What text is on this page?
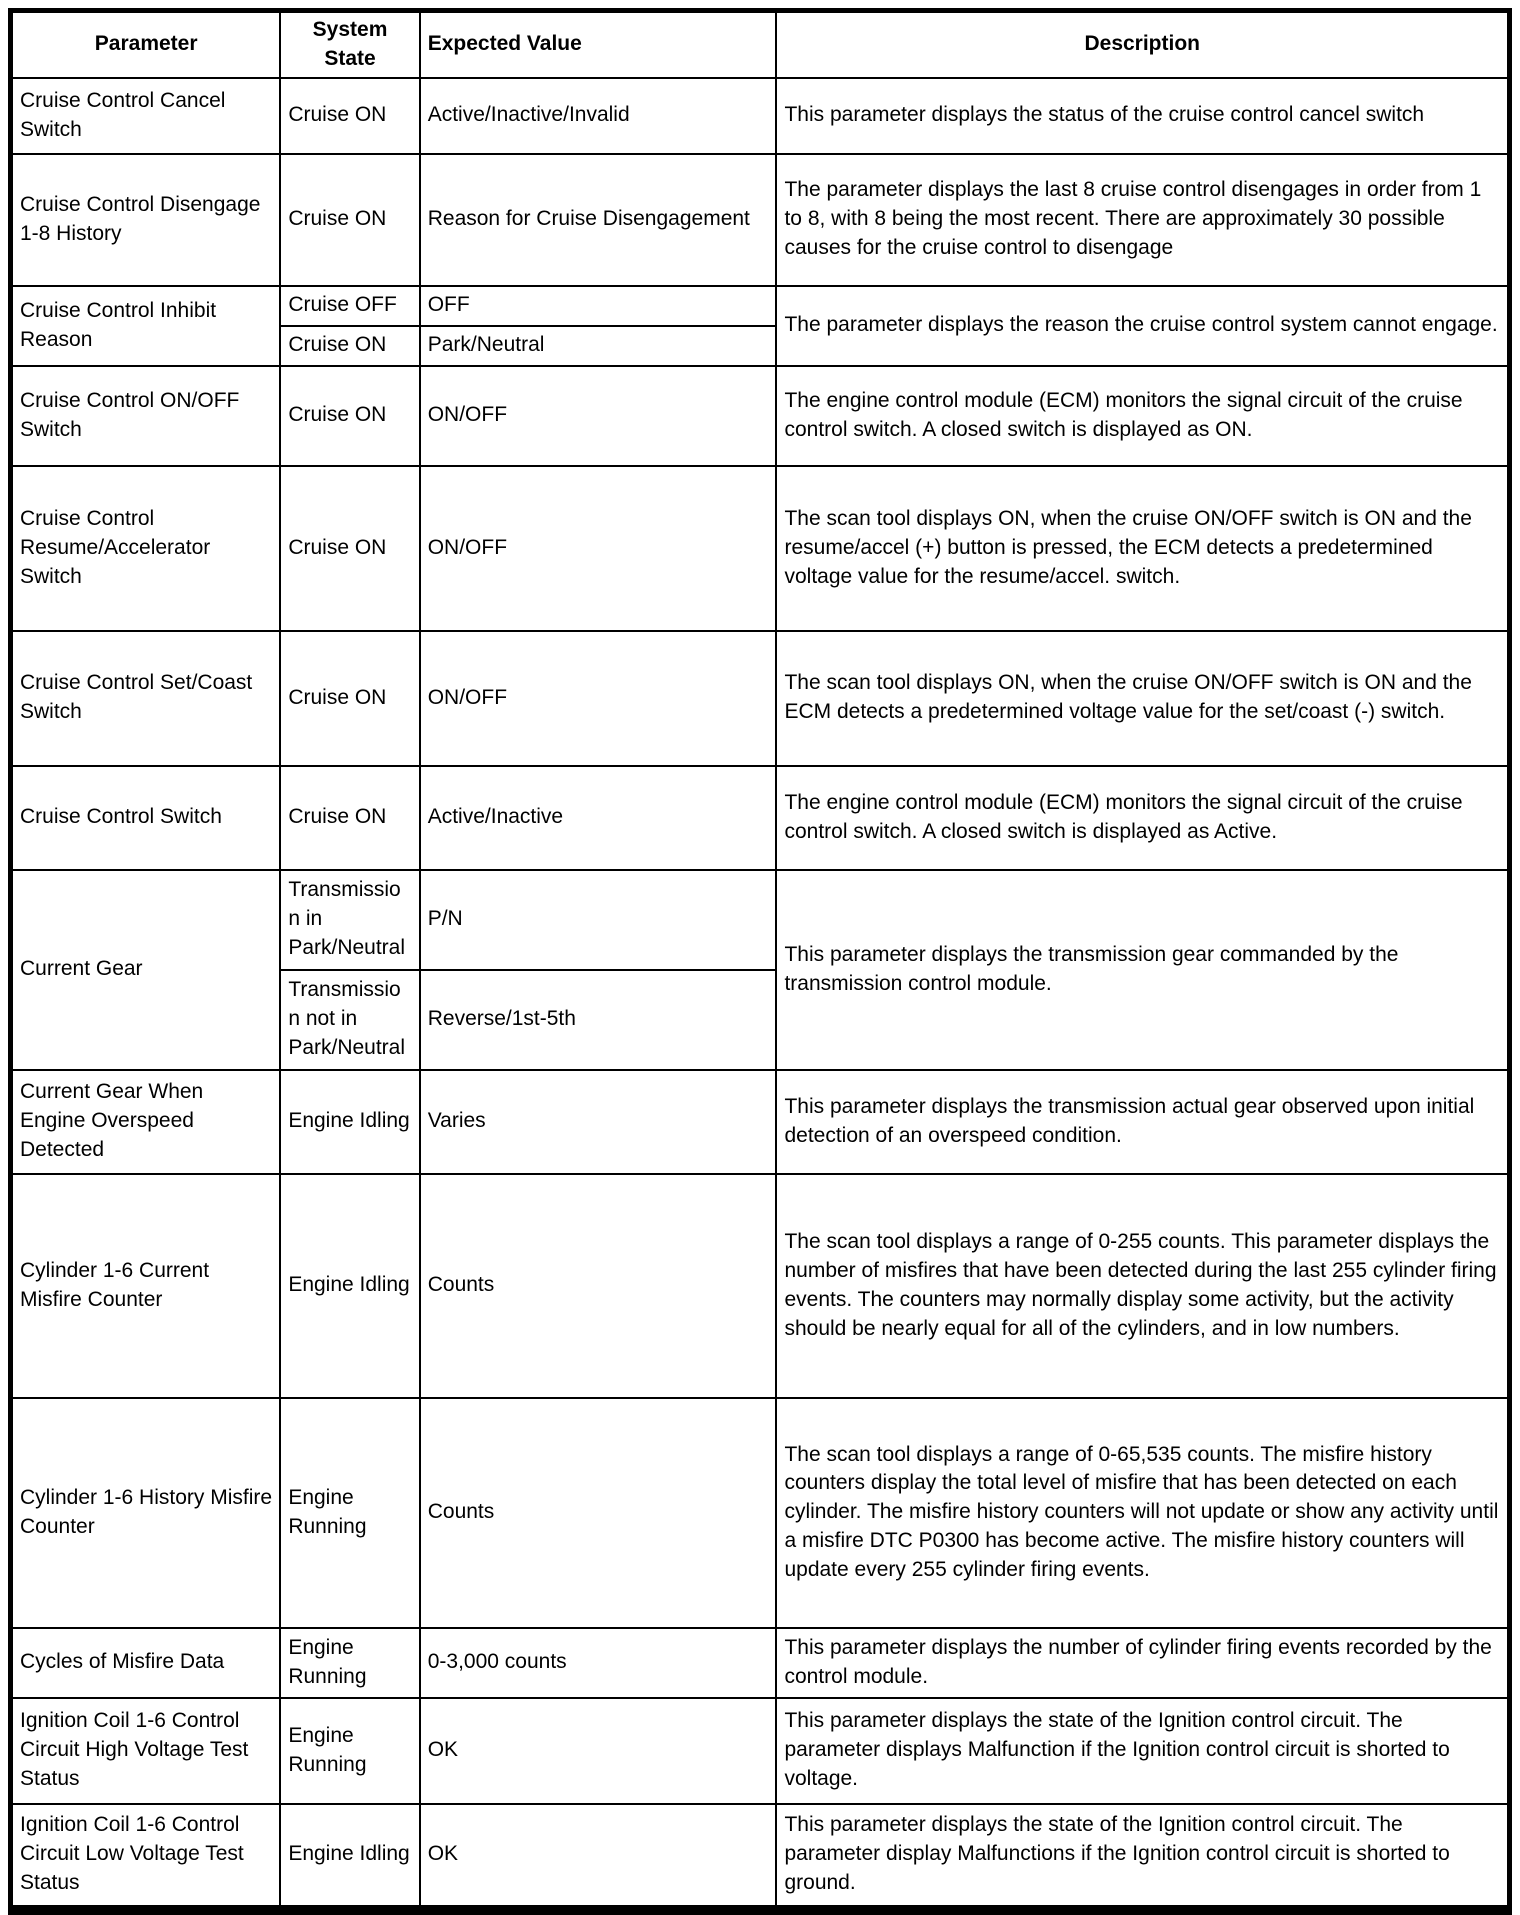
Parameter	System State	Expected Value	Description
Cruise Control Cancel Switch	Cruise ON	Active/Inactive/Invalid	This parameter displays the status of the cruise control cancel switch
Cruise Control Disengage 1-8 History	Cruise ON	Reason for Cruise Disengagement	The parameter displays the last 8 cruise control disengages in order from 1 to 8, with 8 being the most recent. There are approximately 30 possible causes for the cruise control to disengage
Cruise Control Inhibit Reason	Cruise OFF	OFF	The parameter displays the reason the cruise control system cannot engage.
	Cruise ON	Park/Neutral	
Cruise Control ON/OFF Switch	Cruise ON	ON/OFF	The engine control module (ECM) monitors the signal circuit of the cruise control switch. A closed switch is displayed as ON.
Cruise Control Resume/Accelerator Switch	Cruise ON	ON/OFF	The scan tool displays ON, when the cruise ON/OFF switch is ON and the resume/accel (+) button is pressed, the ECM detects a predetermined voltage value for the resume/accel. switch.
Cruise Control Set/Coast Switch	Cruise ON	ON/OFF	The scan tool displays ON, when the cruise ON/OFF switch is ON and the ECM detects a predetermined voltage value for the set/coast (-) switch.
Cruise Control Switch	Cruise ON	Active/Inactive	The engine control module (ECM) monitors the signal circuit of the cruise control switch. A closed switch is displayed as Active.
Current Gear	Transmission in Park/Neutral	P/N	This parameter displays the transmission gear commanded by the transmission control module.
	Transmission not in Park/Neutral	Reverse/1st-5th	
Current Gear When Engine Overspeed Detected	Engine Idling	Varies	This parameter displays the transmission actual gear observed upon initial detection of an overspeed condition.
Cylinder 1-6 Current Misfire Counter	Engine Idling	Counts	The scan tool displays a range of 0-255 counts. This parameter displays the number of misfires that have been detected during the last 255 cylinder firing events. The counters may normally display some activity, but the activity should be nearly equal for all of the cylinders, and in low numbers.
Cylinder 1-6 History Misfire Counter	Engine Running	Counts	The scan tool displays a range of 0-65,535 counts. The misfire history counters display the total level of misfire that has been detected on each cylinder. The misfire history counters will not update or show any activity until a misfire DTC P0300 has become active. The misfire history counters will update every 255 cylinder firing events.
Cycles of Misfire Data	Engine Running	0-3,000 counts	This parameter displays the number of cylinder firing events recorded by the control module.
Ignition Coil 1-6 Control Circuit High Voltage Test Status	Engine Running	OK	This parameter displays the state of the Ignition control circuit. The parameter displays Malfunction if the Ignition control circuit is shorted to voltage.
Ignition Coil 1-6 Control Circuit Low Voltage Test Status	Engine Idling	OK	This parameter displays the state of the Ignition control circuit. The parameter display Malfunctions if the Ignition control circuit is shorted to ground.
